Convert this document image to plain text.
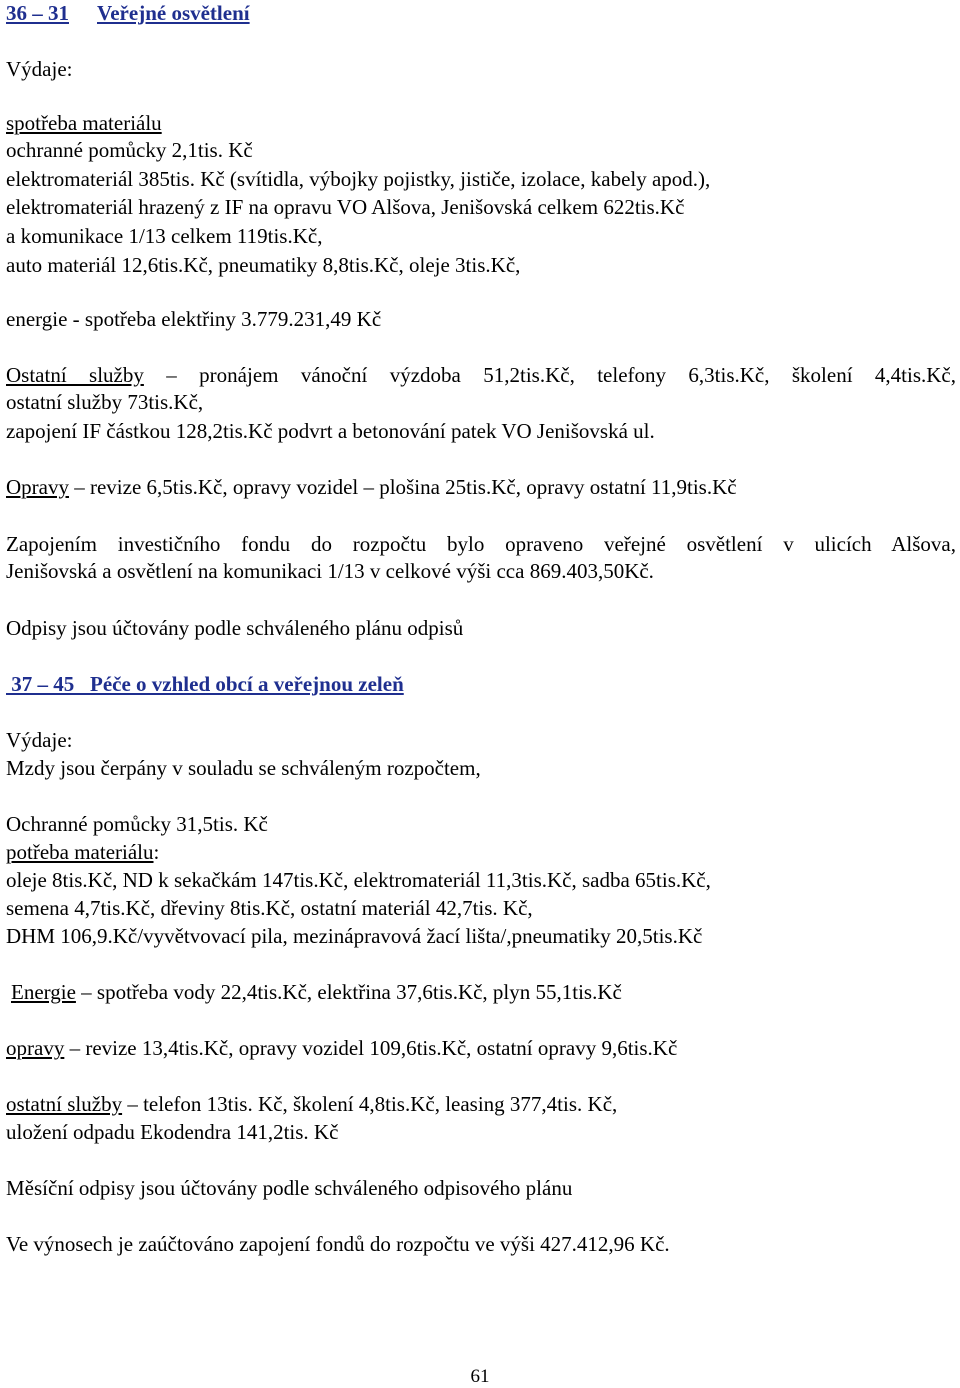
36 – 31 Veřejné osvětlení
Výdaje:
spotřeba materiálu
ochranné pomůcky 2,1tis. Kč
elektromateriál 385tis. Kč (svítidla, výbojky pojistky, jističe, izolace, kabely apod.),
elektromateriál hrazený z IF na opravu VO Alšova, Jenišovská celkem 622tis.Kč
a komunikace 1/13 celkem 119tis.Kč,
auto materiál 12,6tis.Kč, pneumatiky 8,8tis.Kč, oleje 3tis.Kč,
energie - spotřeba elektřiny 3.779.231,49 Kč
Ostatní služby – pronájem vánoční výzdoba 51,2tis.Kč, telefony 6,3tis.Kč, školení 4,4tis.Kč,
ostatní služby 73tis.Kč,
zapojení IF částkou 128,2tis.Kč podvrt a betonování patek VO Jenišovská ul.
Opravy – revize 6,5tis.Kč, opravy vozidel – plošina 25tis.Kč, opravy ostatní 11,9tis.Kč
Zapojením investičního fondu do rozpočtu bylo opraveno veřejné osvětlení v ulicích Alšova,
Jenišovská a osvětlení na komunikaci 1/13 v celkové výši cca 869.403,50Kč.
Odpisy jsou účtovány podle schváleného plánu odpisů
37 – 45   Péče o vzhled obcí a veřejnou zeleň
Výdaje:
Mzdy jsou čerpány v souladu se schváleným rozpočtem,
Ochranné pomůcky 31,5tis. Kč
potřeba materiálu:
oleje 8tis.Kč, ND k sekačkám 147tis.Kč, elektromateriál 11,3tis.Kč, sadba 65tis.Kč,
semena 4,7tis.Kč, dřeviny 8tis.Kč, ostatní materiál 42,7tis. Kč,
DHM 106,9.Kč/vyvětvovací pila, mezinápravová žací lišta/,pneumatiky 20,5tis.Kč
Energie – spotřeba vody 22,4tis.Kč, elektřina 37,6tis.Kč, plyn 55,1tis.Kč
opravy – revize 13,4tis.Kč, opravy vozidel 109,6tis.Kč, ostatní opravy 9,6tis.Kč
ostatní služby – telefon 13tis. Kč, školení 4,8tis.Kč, leasing 377,4tis. Kč,
uložení odpadu Ekodendra 141,2tis. Kč
Měsíční odpisy jsou účtovány podle schváleného odpisového plánu
Ve výnosech je zaúčtováno zapojení fondů do rozpočtu ve výši 427.412,96 Kč.
61
